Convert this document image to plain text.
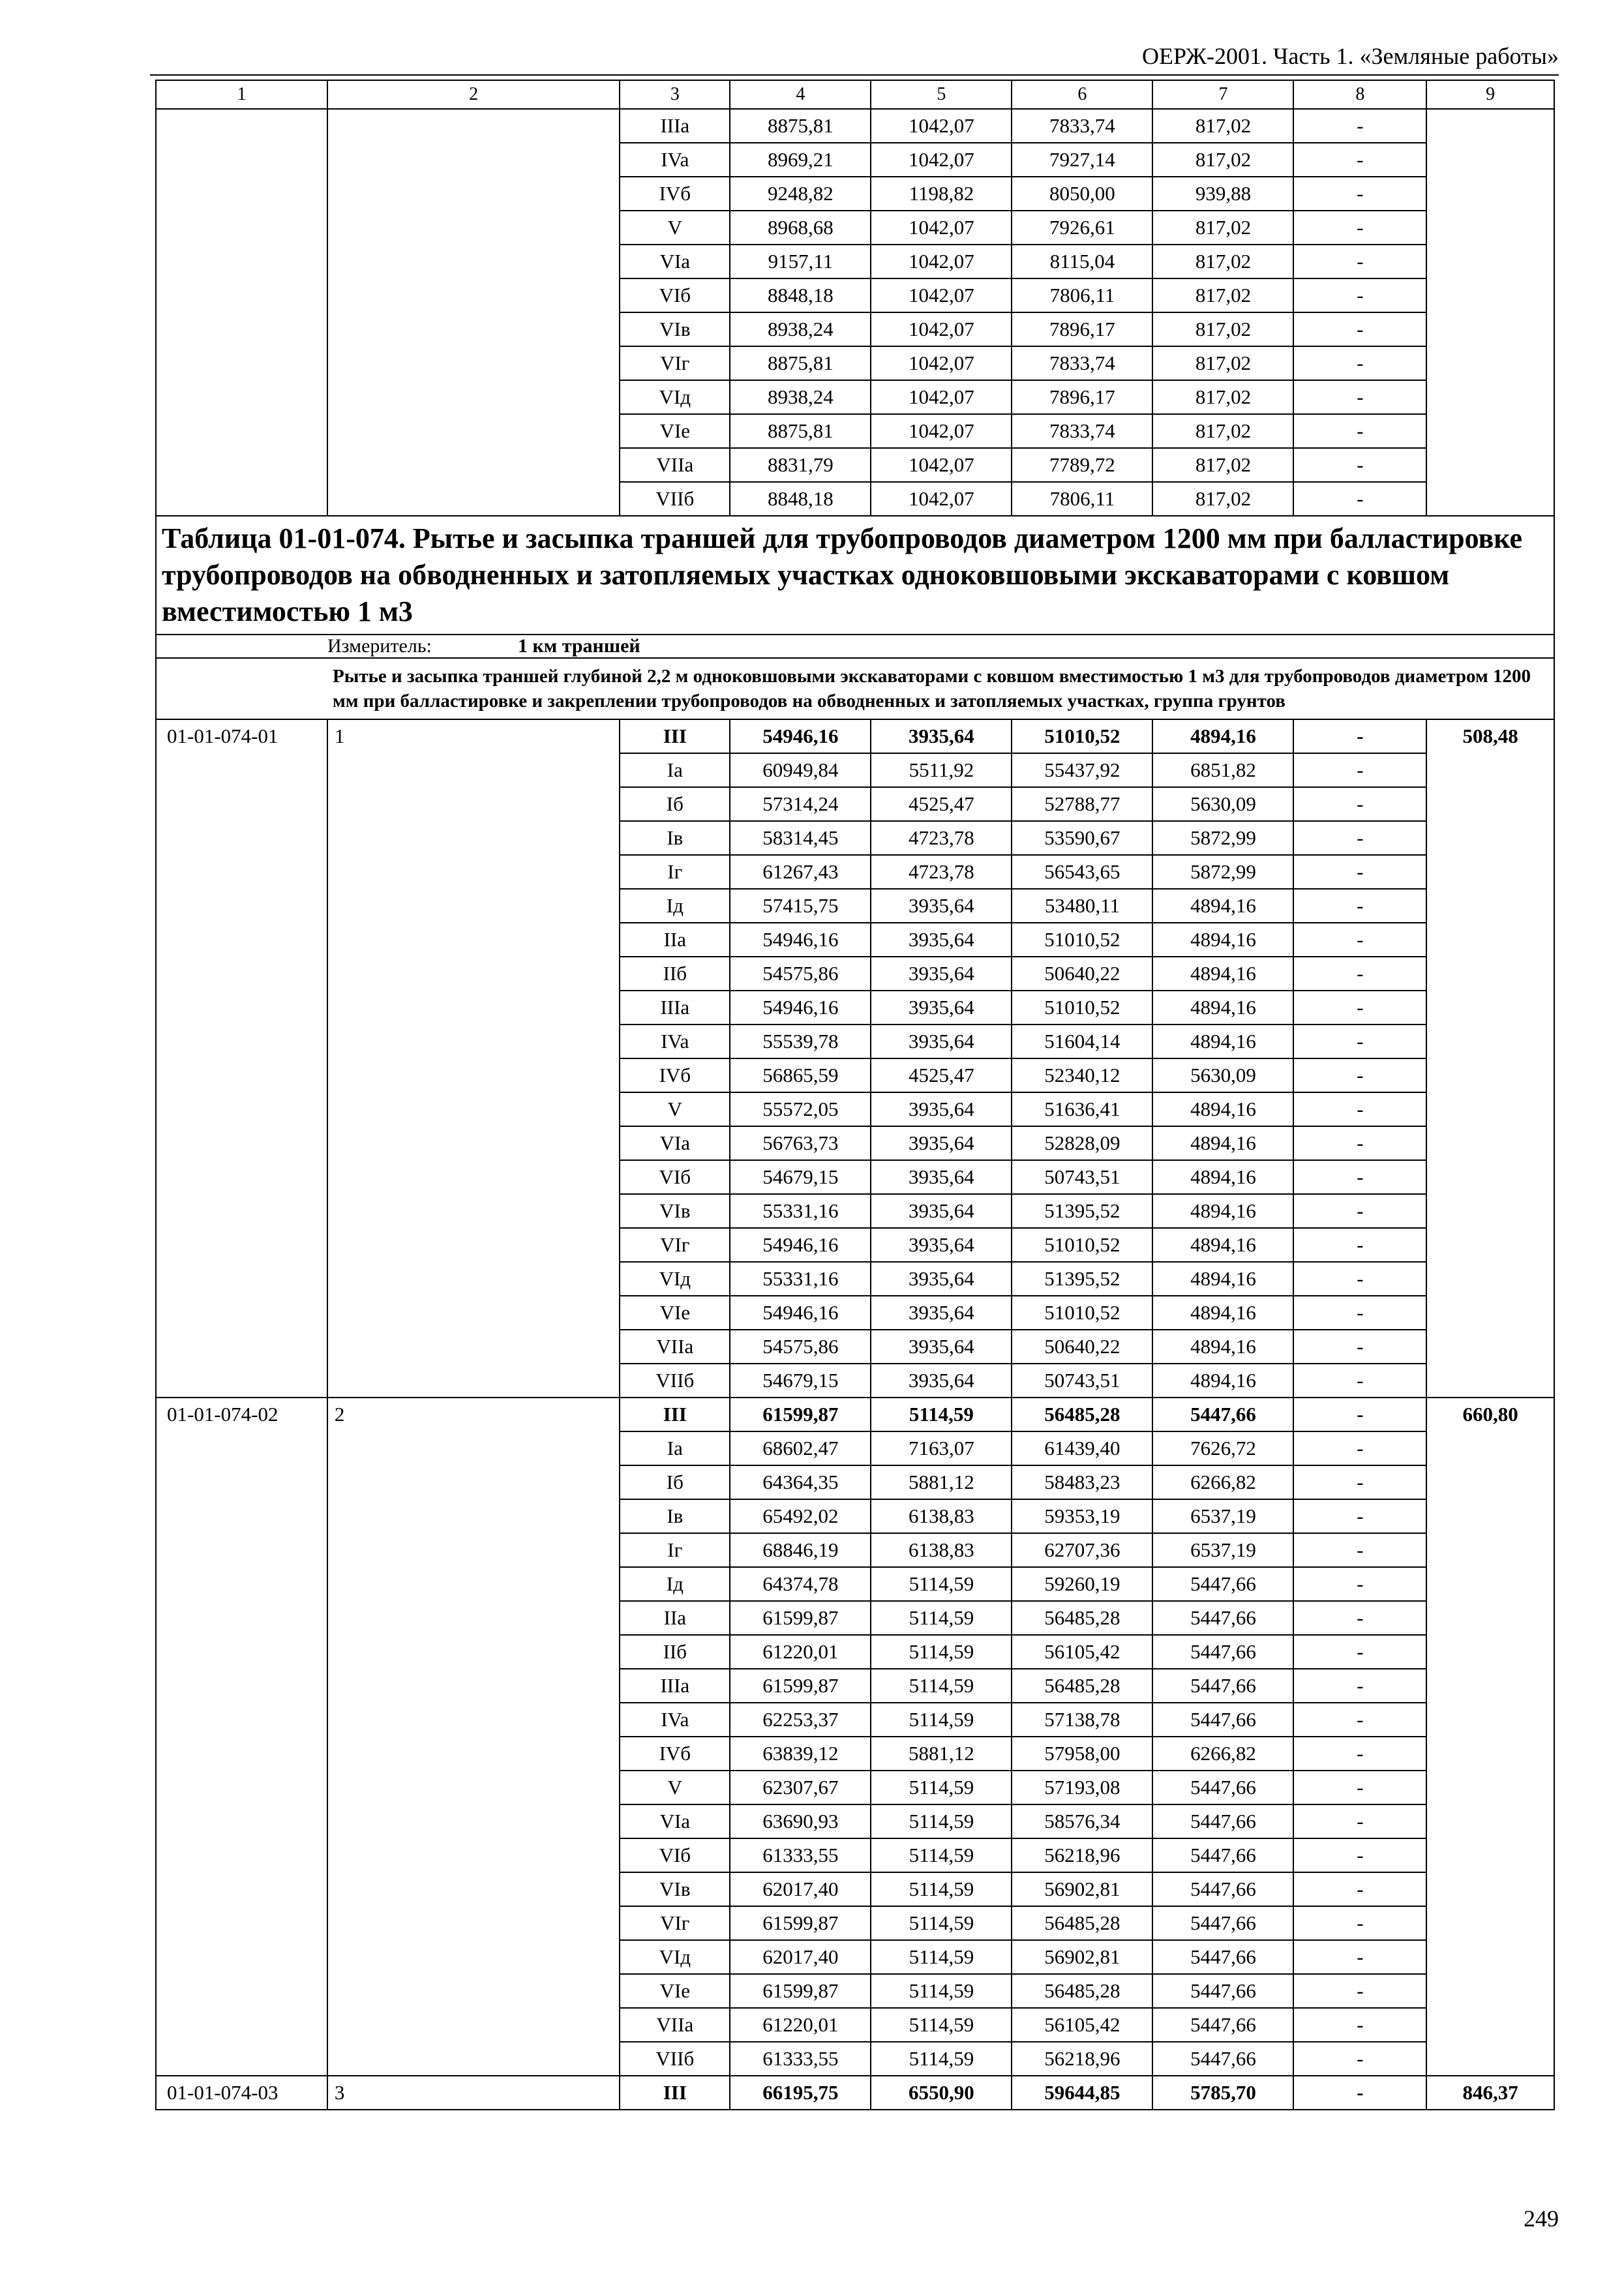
ОЕРЖ-2001. Часть 1. «Земляные работы»
1	2	3	4	5	6	7	8	9
		IIIa	8875,81	1042,07	7833,74	817,02	-	
		IVa	8969,21	1042,07	7927,14	817,02	-	
		IVб	9248,82	1198,82	8050,00	939,88	-	
		V	8968,68	1042,07	7926,61	817,02	-	
		VIa	9157,11	1042,07	8115,04	817,02	-	
		VIб	8848,18	1042,07	7806,11	817,02	-	
		VIв	8938,24	1042,07	7896,17	817,02	-	
		VIг	8875,81	1042,07	7833,74	817,02	-	
		VIд	8938,24	1042,07	7896,17	817,02	-	
		VIe	8875,81	1042,07	7833,74	817,02	-	
		VIIa	8831,79	1042,07	7789,72	817,02	-	
		VIIб	8848,18	1042,07	7806,11	817,02	-	

Таблица 01-01-074. Рытье и засыпка траншей для трубопроводов диаметром 1200 мм при балластировке трубопроводов на обводненных и затопляемых участках одноковшовыми экскаваторами с ковшом вместимостью 1 м3								

Измеритель: 1 км траншей								
Рытье и засыпка траншей глубиной 2,2 м одноковшовыми экскаваторами с ковшом вместимостью 1 м3 для трубопроводов диаметром 1200 мм при балластировке и закреплении трубопроводов на обводненных и затопляемых участках, группа грунтов								
01-01-074-01	1	III	54946,16	3935,64	51010,52	4894,16	-	508,48
		Ia	60949,84	5511,92	55437,92	6851,82	-	
		Iб	57314,24	4525,47	52788,77	5630,09	-	
		Iв	58314,45	4723,78	53590,67	5872,99	-	
		Iг	61267,43	4723,78	56543,65	5872,99	-	
		Iд	57415,75	3935,64	53480,11	4894,16	-	
		IIa	54946,16	3935,64	51010,52	4894,16	-	
		IIб	54575,86	3935,64	50640,22	4894,16	-	
		IIIa	54946,16	3935,64	51010,52	4894,16	-	
		IVa	55539,78	3935,64	51604,14	4894,16	-	
		IVб	56865,59	4525,47	52340,12	5630,09	-	
		V	55572,05	3935,64	51636,41	4894,16	-	
		VIa	56763,73	3935,64	52828,09	4894,16	-	
		VIб	54679,15	3935,64	50743,51	4894,16	-	
		VIв	55331,16	3935,64	51395,52	4894,16	-	
		VIг	54946,16	3935,64	51010,52	4894,16	-	
		VIд	55331,16	3935,64	51395,52	4894,16	-	
		VIe	54946,16	3935,64	51010,52	4894,16	-	
		VIIa	54575,86	3935,64	50640,22	4894,16	-	
		VIIб	54679,15	3935,64	50743,51	4894,16	-	
01-01-074-02	2	III	61599,87	5114,59	56485,28	5447,66	-	660,80
		Ia	68602,47	7163,07	61439,40	7626,72	-	
		Iб	64364,35	5881,12	58483,23	6266,82	-	
		Iв	65492,02	6138,83	59353,19	6537,19	-	
		Iг	68846,19	6138,83	62707,36	6537,19	-	
		Iд	64374,78	5114,59	59260,19	5447,66	-	
		IIa	61599,87	5114,59	56485,28	5447,66	-	
		IIб	61220,01	5114,59	56105,42	5447,66	-	
		IIIa	61599,87	5114,59	56485,28	5447,66	-	
		IVa	62253,37	5114,59	57138,78	5447,66	-	
		IVб	63839,12	5881,12	57958,00	6266,82	-	
		V	62307,67	5114,59	57193,08	5447,66	-	
		VIa	63690,93	5114,59	58576,34	5447,66	-	
		VIб	61333,55	5114,59	56218,96	5447,66	-	
		VIв	62017,40	5114,59	56902,81	5447,66	-	
		VIг	61599,87	5114,59	56485,28	5447,66	-	
		VIд	62017,40	5114,59	56902,81	5447,66	-	
		VIe	61599,87	5114,59	56485,28	5447,66	-	
		VIIa	61220,01	5114,59	56105,42	5447,66	-	
		VIIб	61333,55	5114,59	56218,96	5447,66	-	
01-01-074-03	3	III	66195,75	6550,90	59644,85	5785,70	-	846,37
249
